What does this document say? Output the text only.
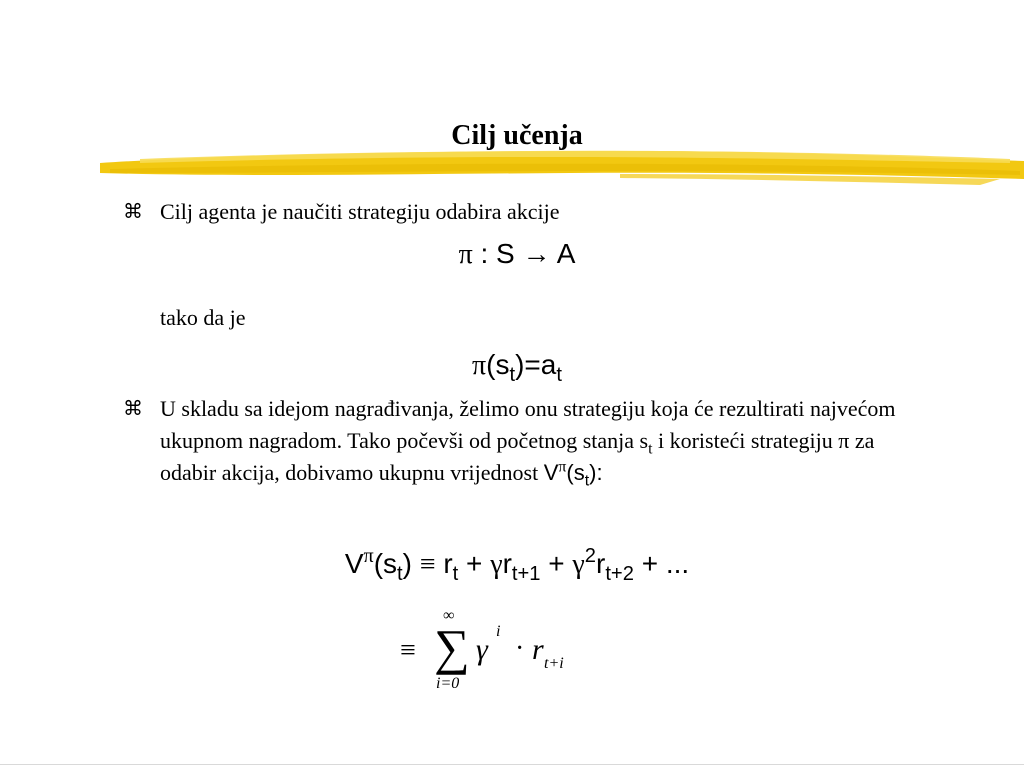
Cilj učenja
⌘ Cilj agenta je naučiti strategiju odabira akcije
π : S → A
tako da je
$\pi(s_t)=a_t$
⌘ U skladu sa idejom nagrađivanja, želimo onu strategiju koja će rezultirati najvećom ukupnom nagradom. Tako počevši od početnog stanja $s_t$ i koristeći strategiju π za odabir akcija, dobivamo ukupnu vrijednost $V^\pi(s_t)$:
$V^\pi(s_t) \equiv r_t + \gamma r_{t+1} + \gamma^2r_{t+2}$ + ...
≡
∞
∑
i=0
γ
i
· r t+i
